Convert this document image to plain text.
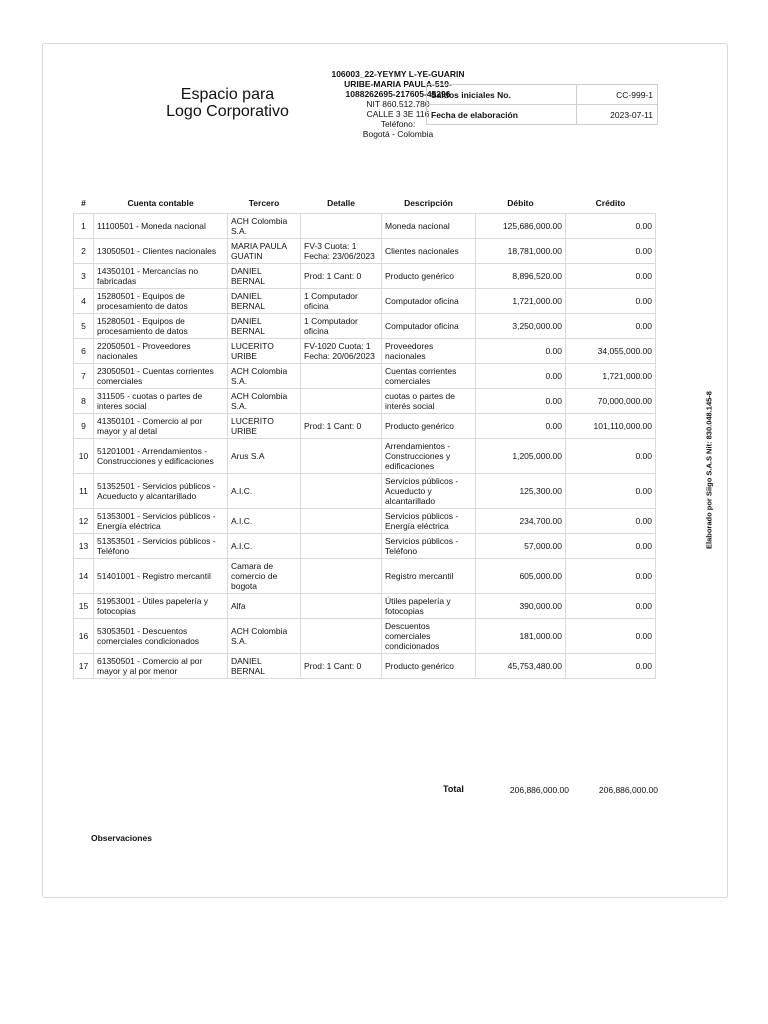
Espacio para
Logo Corporativo
106003_22-YEYMY L-YE-GUARIN URIBE-MARIA PAULA-519-1088262695-217605-45296
NIT 860.512.780
CALLE 3 3E 116
Teléfono:
Bogotá - Colombia
Saldos iniciales No.	CC-999-1
Fecha de elaboración	2023-07-11
#	Cuenta contable	Tercero	Detalle	Descripción	Débito	Crédito
1	11100501 - Moneda nacional	ACH Colombia S.A.		Moneda nacional	125,686,000.00	0.00
2	13050501 - Clientes nacionales	MARIA PAULA GUATIN	FV-3 Cuota: 1 Fecha: 23/06/2023	Clientes nacionales	18,781,000.00	0.00
3	14350101 - Mercancías no fabricadas	DANIEL BERNAL	Prod: 1 Cant: 0	Producto genérico	8,896,520.00	0.00
4	15280501 - Equipos de procesamiento de datos	DANIEL BERNAL	1 Computador oficina	Computador oficina	1,721,000.00	0.00
5	15280501 - Equipos de procesamiento de datos	DANIEL BERNAL	1 Computador oficina	Computador oficina	3,250,000.00	0.00
6	22050501 - Proveedores nacionales	LUCERITO URIBE	FV-1020 Cuota: 1 Fecha: 20/06/2023	Proveedores nacionales	0.00	34,055,000.00
7	23050501 - Cuentas corrientes comerciales	ACH Colombia S.A.		Cuentas corrientes comerciales	0.00	1,721,000.00
8	311505 - cuotas o partes de interes social	ACH Colombia S.A.		cuotas o partes de interés social	0.00	70,000,000.00
9	41350101 - Comercio al por mayor y al detal	LUCERITO URIBE	Prod: 1 Cant: 0	Producto genérico	0.00	101,110,000.00
10	51201001 - Arrendamientos - Construcciones y edificaciones	Arus S.A		Arrendamientos - Construcciones y edificaciones	1,205,000.00	0.00
11	51352501 - Servicios públicos - Acueducto y alcantarillado	A.I.C.		Servicios públicos - Acueducto y alcantarillado	125,300.00	0.00
12	51353001 - Servicios públicos - Energía eléctrica	A.I.C.		Servicios públicos - Energía eléctrica	234,700.00	0.00
13	51353501 - Servicios públicos - Teléfono	A.I.C.		Servicios públicos - Teléfono	57,000.00	0.00
14	51401001 - Registro mercantil	Camara de comercio de bogota		Registro mercantil	605,000.00	0.00
15	51953001 - Útiles papelería y fotocopias	Alfa		Útiles papelería y fotocopias	390,000.00	0.00
16	53053501 - Descuentos comerciales condicionados	ACH Colombia S.A.		Descuentos comerciales condicionados	181,000.00	0.00
17	61350501 - Comercio al por mayor y al por menor	DANIEL BERNAL	Prod: 1 Cant: 0	Producto genérico	45,753,480.00	0.00
Total	206,886,000.00	206,886,000.00
Observaciones
Elaborado por Siigo S.A.S Nit: 830.048.145-8
